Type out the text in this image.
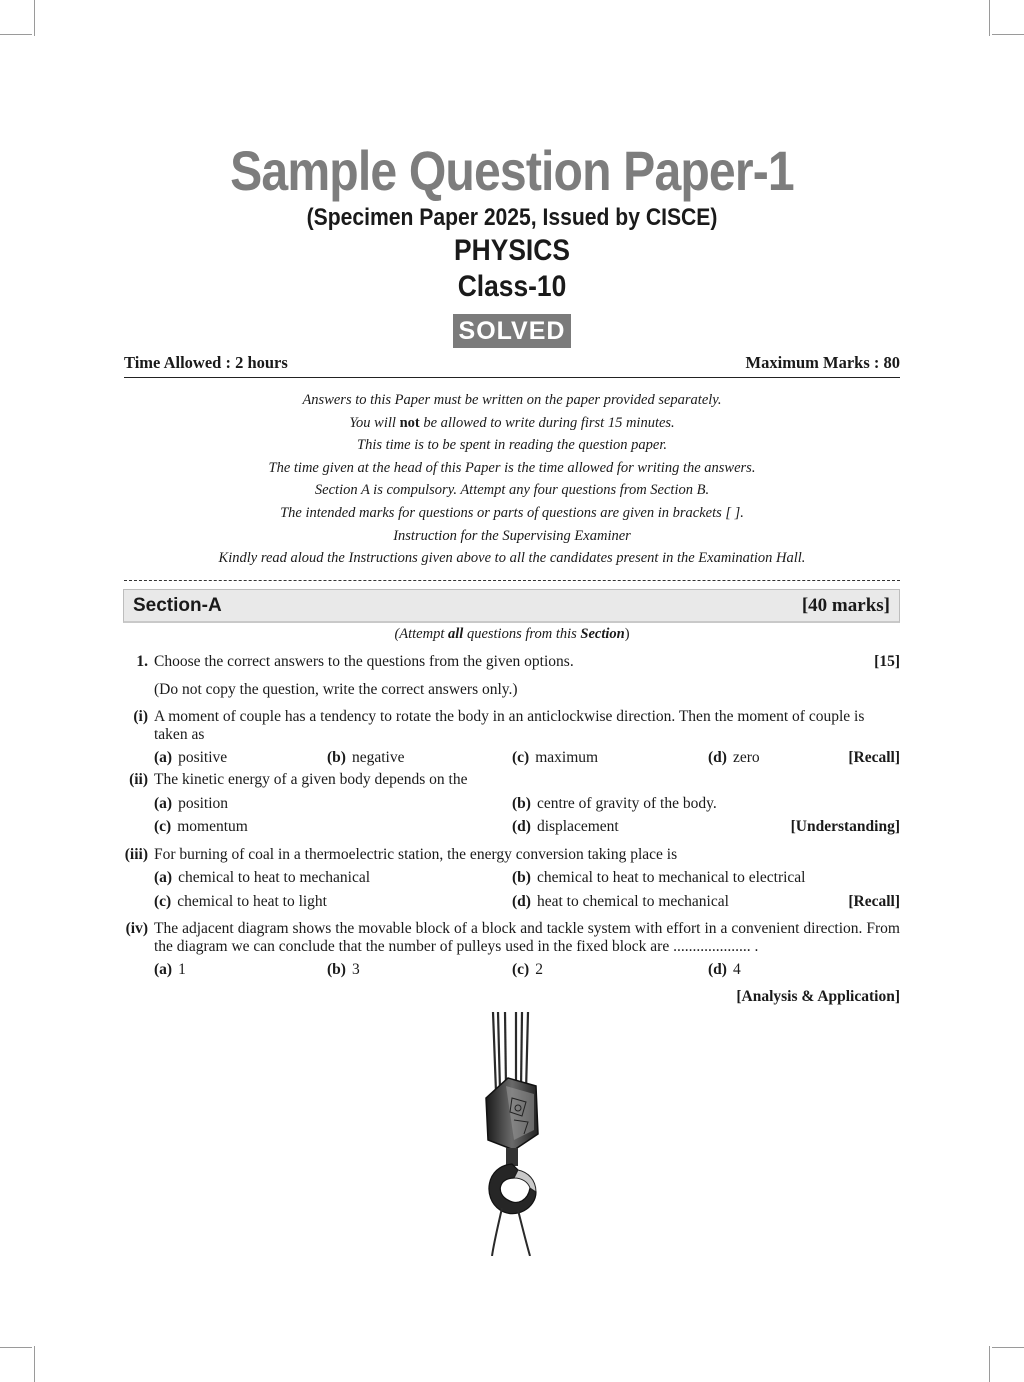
Sample Question Paper-1
(Specimen Paper 2025, Issued by CISCE)
PHYSICS
Class-10
SOLVED
Time Allowed : 2 hours	Maximum Marks : 80
Answers to this Paper must be written on the paper provided separately.
You will not be allowed to write during first 15 minutes.
This time is to be spent in reading the question paper.
The time given at the head of this Paper is the time allowed for writing the answers.
Section A is compulsory. Attempt any four questions from Section B.
The intended marks for questions or parts of questions are given in brackets [ ].
Instruction for the Supervising Examiner
Kindly read aloud the Instructions given above to all the candidates present in the Examination Hall.
Section-A	[40 marks]
(Attempt all questions from this Section)
1. Choose the correct answers to the questions from the given options.	[15]
(Do not copy the question, write the correct answers only.)
(i) A moment of couple has a tendency to rotate the body in an anticlockwise direction. Then the moment of couple is taken as
(a) positive	(b) negative	(c) maximum	(d) zero	[Recall]
(ii) The kinetic energy of a given body depends on the
(a) position	(b) centre of gravity of the body.
(c) momentum	(d) displacement	[Understanding]
(iii) For burning of coal in a thermoelectric station, the energy conversion taking place is
(a) chemical to heat to mechanical	(b) chemical to heat to mechanical to electrical
(c) chemical to heat to light	(d) heat to chemical to mechanical	[Recall]
(iv) The adjacent diagram shows the movable block of a block and tackle system with effort in a convenient direction. From the diagram we can conclude that the number of pulleys used in the fixed block are .................... .
(a) 1	(b) 3	(c) 2	(d) 4
[Analysis & Application]
